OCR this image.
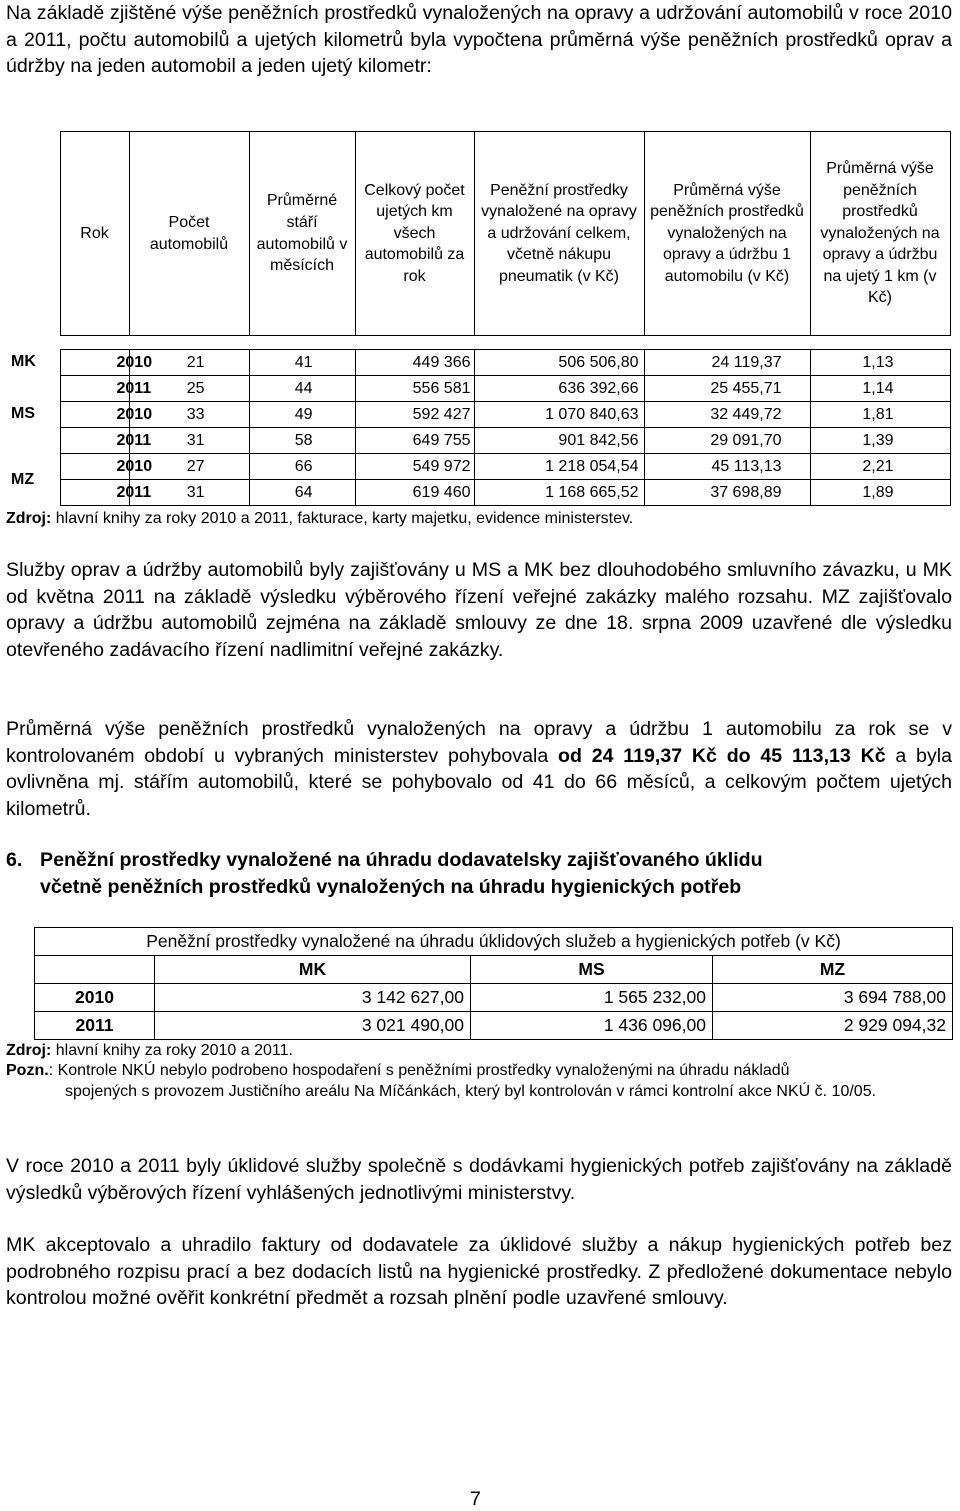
Na základě zjištěné výše peněžních prostředků vynaložených na opravy a udržování automobilů v roce 2010 a 2011, počtu automobilů a ujetých kilometrů byla vypočtena průměrná výše peněžních prostředků oprav a údržby na jeden automobil a jeden ujetý kilometr:

	Rok	Počet automobilů	Průměrné stáří automobilů v měsících	Celkový počet ujetých km všech automobilů za rok	Peněžní prostředky vynaložené na opravy a udržování celkem, včetně nákupu pneumatik (v Kč)	Průměrná výše peněžních prostředků vynaložených na opravy a údržbu 1 automobilu (v Kč)	Průměrná výše peněžních prostředků vynaložených na opravy a údržbu na ujetý 1 km (v Kč)

MK	2010	21	41	449 366	506 506,80	24 119,37	1,13
	2011	25	44	556 581	636 392,66	25 455,71	1,14
MS	2010	33	49	592 427	1 070 840,63	32 449,72	1,81
	2011	31	58	649 755	901 842,56	29 091,70	1,39
MZ	2010	27	66	549 972	1 218 054,54	45 113,13	2,21
	2011	31	64	619 460	1 168 665,52	37 698,89	1,89

Zdroj: hlavní knihy za roky 2010 a 2011, fakturace, karty majetku, evidence ministerstev.

Služby oprav a údržby automobilů byly zajišťovány u MS a MK bez dlouhodobého smluvního závazku, u MK od května 2011 na základě výsledku výběrového řízení veřejné zakázky malého rozsahu. MZ zajišťovalo opravy a údržbu automobilů zejména na základě smlouvy ze dne 18. srpna 2009 uzavřené dle výsledku otevřeného zadávacího řízení nadlimitní veřejné zakázky.

Průměrná výše peněžních prostředků vynaložených na opravy a údržbu 1 automobilu za rok se v kontrolovaném období u vybraných ministerstev pohybovala od 24 119,37 Kč do 45 113,13 Kč a byla ovlivněna mj. stářím automobilů, které se pohybovalo od 41 do 66 měsíců, a celkovým počtem ujetých kilometrů.

6. Peněžní prostředky vynaložené na úhradu dodavatelsky zajišťovaného úklidu
včetně peněžních prostředků vynaložených na úhradu hygienických potřeb
Peněžní prostředky vynaložené na úhradu úklidových služeb a hygienických potřeb (v Kč)			
	MK	MS	MZ
2010	3 142 627,00	1 565 232,00	3 694 788,00
2011	3 021 490,00	1 436 096,00	2 929 094,32

Zdroj: hlavní knihy za roky 2010 a 2011.

Pozn.: Kontrole NKÚ nebylo podrobeno hospodaření s peněžními prostředky vynaloženými na úhradu nákladů
spojených s provozem Justičního areálu Na Míčánkách, který byl kontrolován v rámci kontrolní akce NKÚ č. 10/05.

V roce 2010 a 2011 byly úklidové služby společně s dodávkami hygienických potřeb zajišťovány na základě výsledků výběrových řízení vyhlášených jednotlivými ministerstvy.

MK akceptovalo a uhradilo faktury od dodavatele za úklidové služby a nákup hygienických potřeb bez podrobného rozpisu prací a bez dodacích listů na hygienické prostředky. Z předložené dokumentace nebylo kontrolou možné ověřit konkrétní předmět a rozsah plnění podle uzavřené smlouvy.

7
